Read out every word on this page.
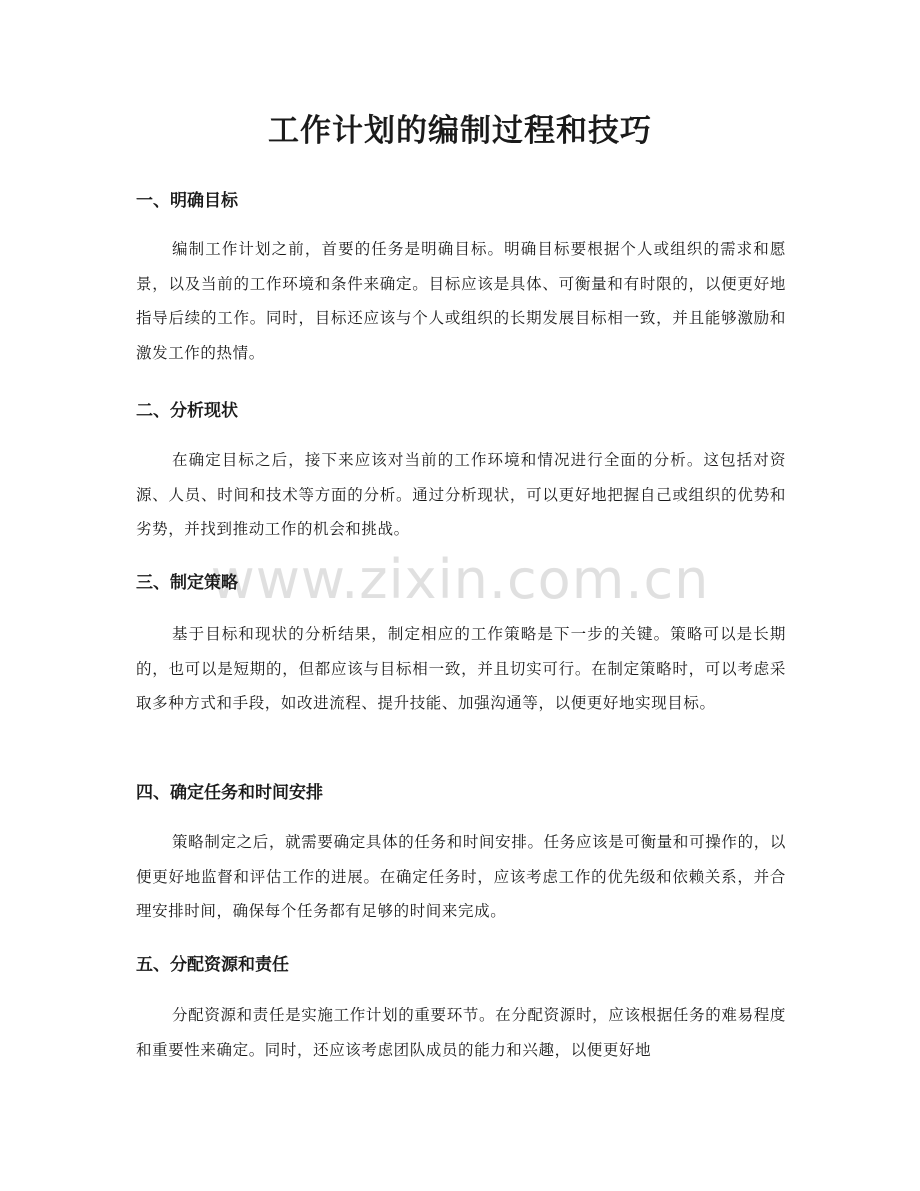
www.zixin.com.cn
工作计划的编制过程和技巧
一、明确目标

编制工作计划之前，首要的任务是明确目标。明确目标要根据个人或组织的需求和愿景，以及当前的工作环境和条件来确定。目标应该是具体、可衡量和有时限的，以便更好地指导后续的工作。同时，目标还应该与个人或组织的长期发展目标相一致，并且能够激励和激发工作的热情。

二、分析现状

在确定目标之后，接下来应该对当前的工作环境和情况进行全面的分析。这包括对资源、人员、时间和技术等方面的分析。通过分析现状，可以更好地把握自己或组织的优势和劣势，并找到推动工作的机会和挑战。

三、制定策略

基于目标和现状的分析结果，制定相应的工作策略是下一步的关键。策略可以是长期的，也可以是短期的，但都应该与目标相一致，并且切实可行。在制定策略时，可以考虑采取多种方式和手段，如改进流程、提升技能、加强沟通等，以便更好地实现目标。

四、确定任务和时间安排

策略制定之后，就需要确定具体的任务和时间安排。任务应该是可衡量和可操作的，以便更好地监督和评估工作的进展。在确定任务时，应该考虑工作的优先级和依赖关系，并合理安排时间，确保每个任务都有足够的时间来完成。

五、分配资源和责任

分配资源和责任是实施工作计划的重要环节。在分配资源时，应该根据任务的难易程度和重要性来确定。同时，还应该考虑团队成员的能力和兴趣，以便更好地
